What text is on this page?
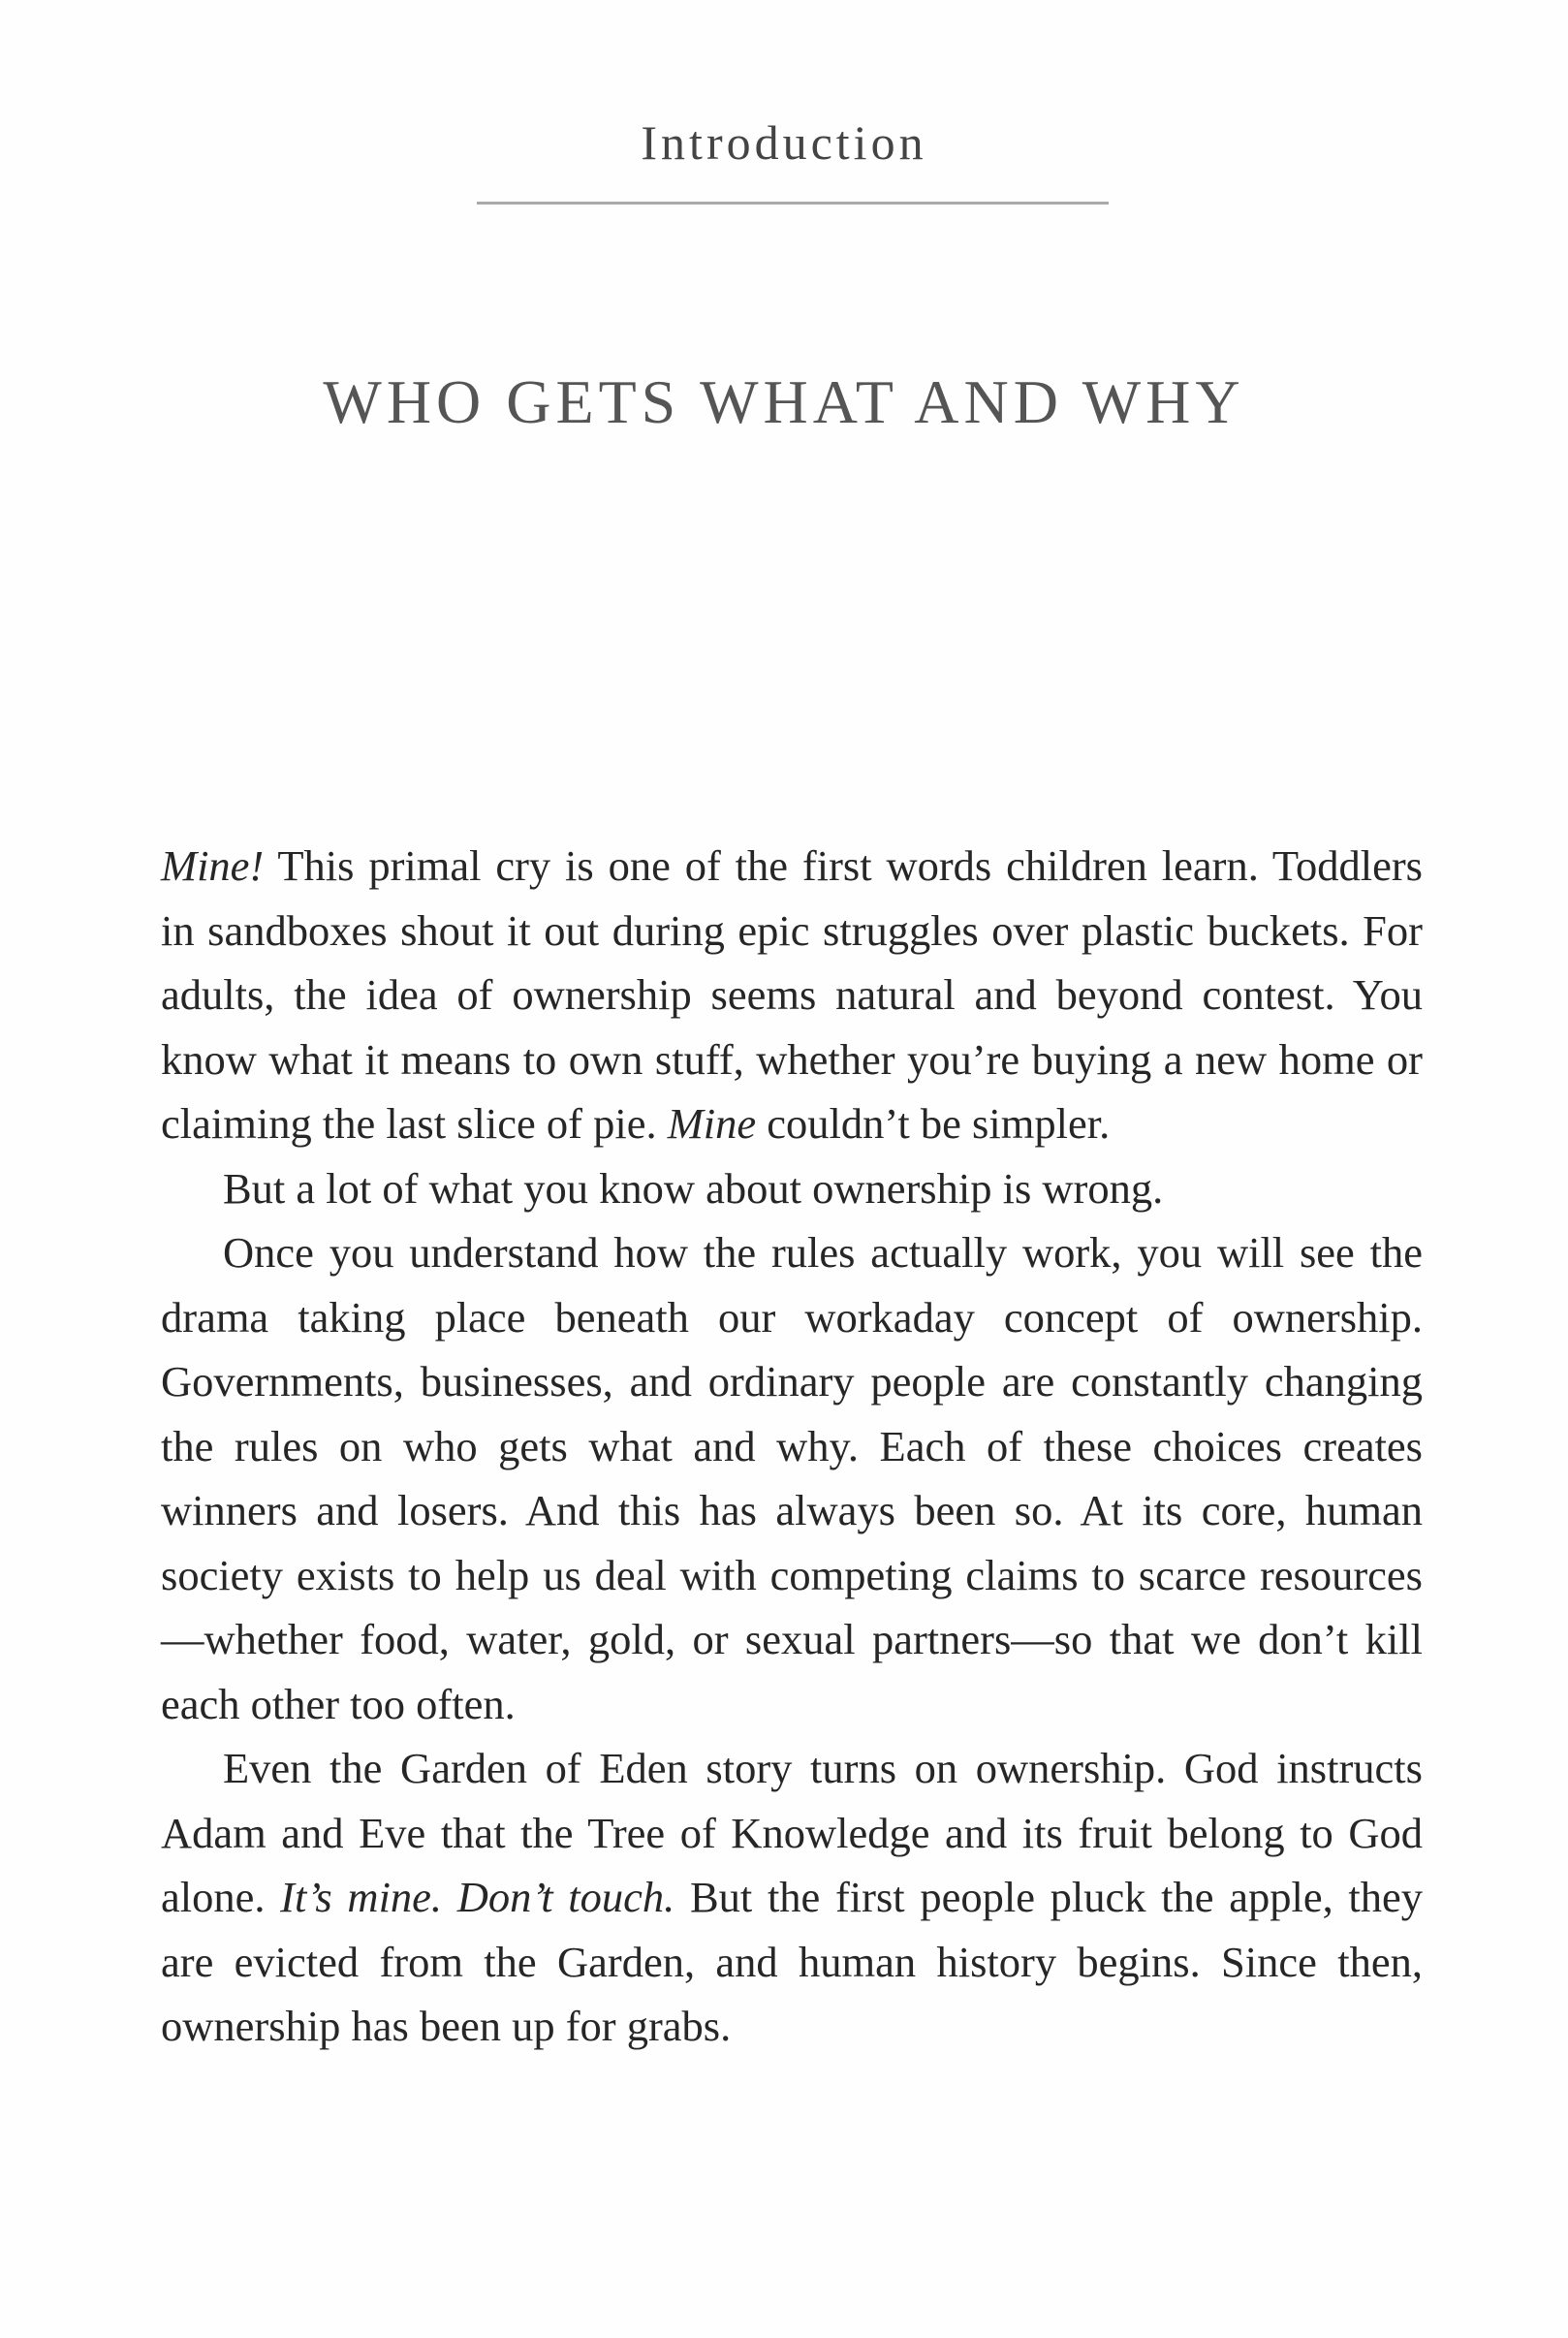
Introduction
WHO GETS WHAT AND WHY

Mine! This primal cry is one of the first words children learn. Toddlers in sandboxes shout it out during epic struggles over plastic buckets. For adults, the idea of ownership seems natural and beyond contest. You know what it means to own stuff, whether you’re buying a new home or claiming the last slice of pie. Mine couldn’t be simpler.

But a lot of what you know about ownership is wrong.

Once you understand how the rules actually work, you will see the drama taking place beneath our workaday concept of ownership. Governments, businesses, and ordinary people are constantly changing the rules on who gets what and why. Each of these choices creates winners and losers. And this has always been so. At its core, human society exists to help us deal with competing claims to scarce resources—whether food, water, gold, or sexual partners—so that we don’t kill each other too often.

Even the Garden of Eden story turns on ownership. God instructs Adam and Eve that the Tree of Knowledge and its fruit belong to God alone. It’s mine. Don’t touch. But the first people pluck the apple, they are evicted from the Garden, and human history begins. Since then, ownership has been up for grabs.
